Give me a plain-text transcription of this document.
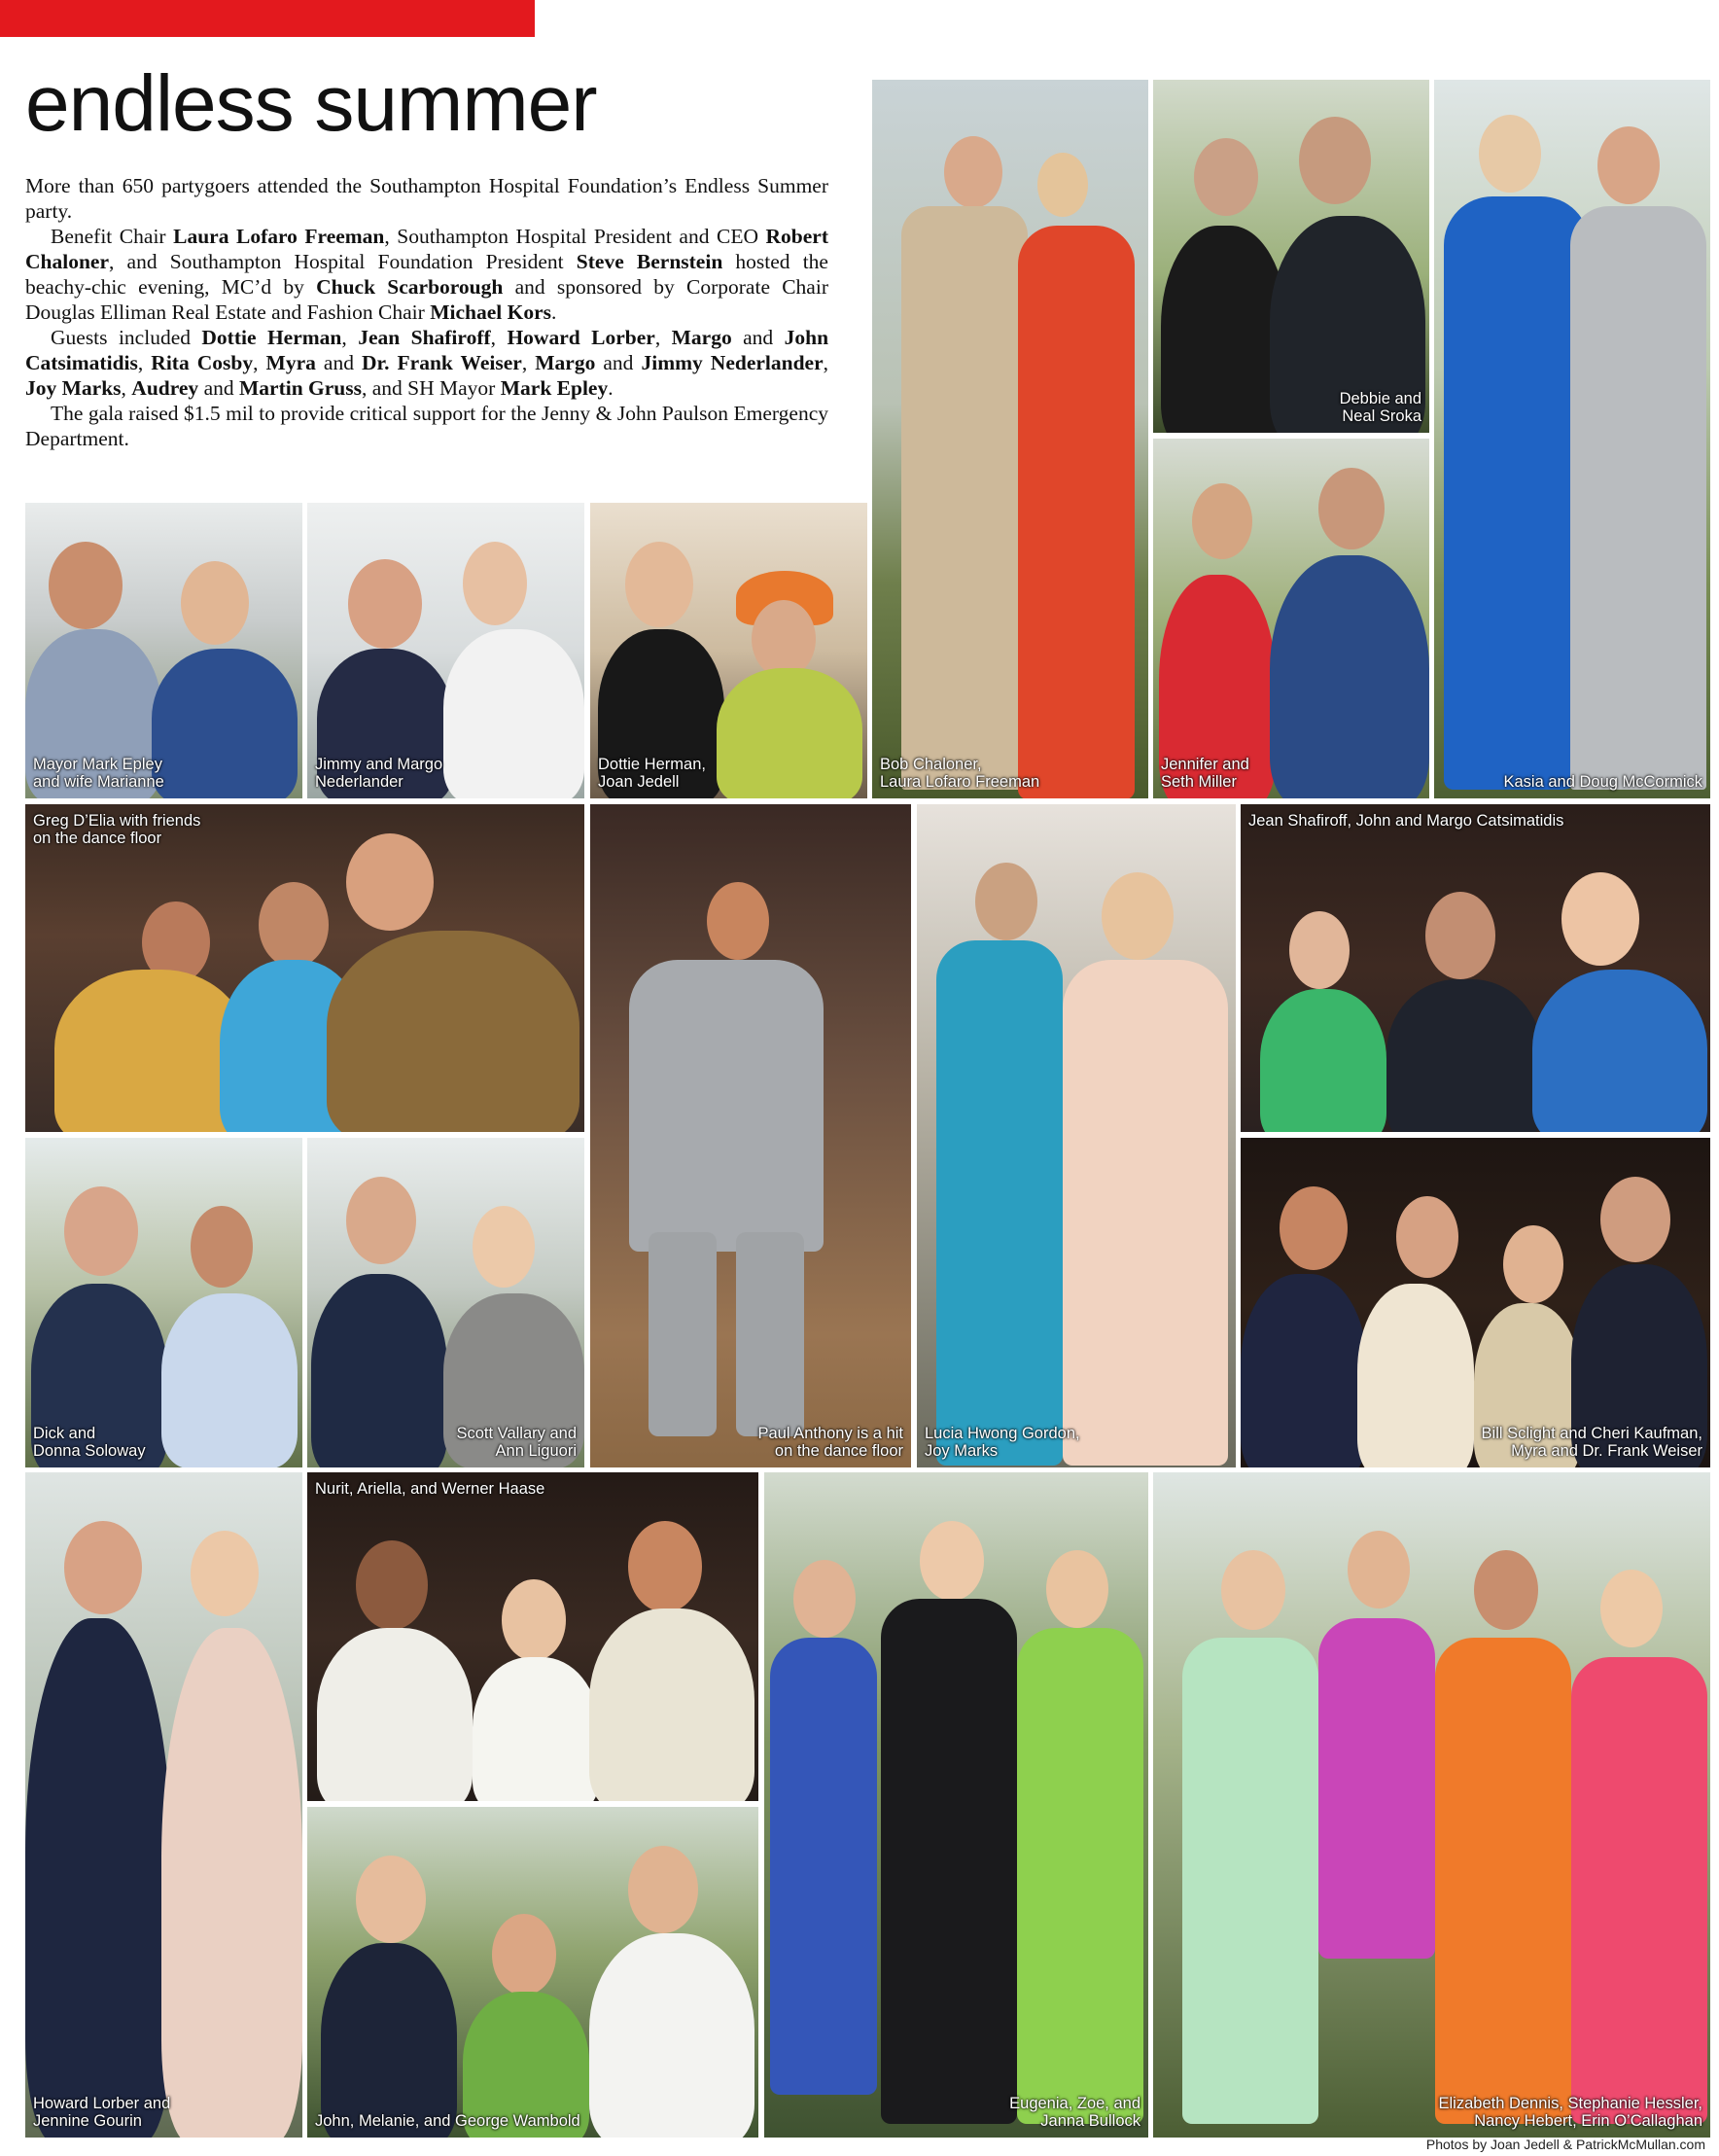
endless summer

More than 650 partygoers attended the Southampton Hospital Foundation’s Endless Summer party.

Benefit Chair Laura Lofaro Freeman, Southampton Hospital President and CEO Robert Chaloner, and Southampton Hospital Foundation President Steve Bernstein hosted the beachy-chic evening, MC’d by Chuck Scarborough and sponsored by Corporate Chair Douglas Elliman Real Estate and Fashion Chair Michael Kors.

Guests included Dottie Herman, Jean Shafiroff, Howard Lorber, Margo and John Catsimatidis, Rita Cosby, Myra and Dr. Frank Weiser, Margo and Jimmy Nederlander, Joy Marks, Audrey and Martin Gruss, and SH Mayor Mark Epley.

The gala raised $1.5 mil to provide critical support for the Jenny & John Paulson Emergency Department.

Bob Chaloner,
Laura Lofaro Freeman
Debbie and
Neal Sroka
Kasia and Doug McCormick
Jennifer and
Seth Miller
Mayor Mark Epley
and wife Marianne
Jimmy and Margo
Nederlander
Dottie Herman,
Joan Jedell
Greg D’Elia with friends
on the dance floor
Paul Anthony is a hit
on the dance floor
Lucia Hwong Gordon,
Joy Marks
Jean Shafiroff, John and Margo Catsimatidis
Dick and
Donna Soloway
Scott Vallary and
Ann Liguori
Bill Sclight and Cheri Kaufman,
Myra and Dr. Frank Weiser
Howard Lorber and
Jennine Gourin
Nurit, Ariella, and Werner Haase
John, Melanie, and George Wambold
Eugenia, Zoe, and
Janna Bullock
Elizabeth Dennis, Stephanie Hessler,
Nancy Hebert, Erin O’Callaghan
Photos by Joan Jedell & PatrickMcMullan.com
